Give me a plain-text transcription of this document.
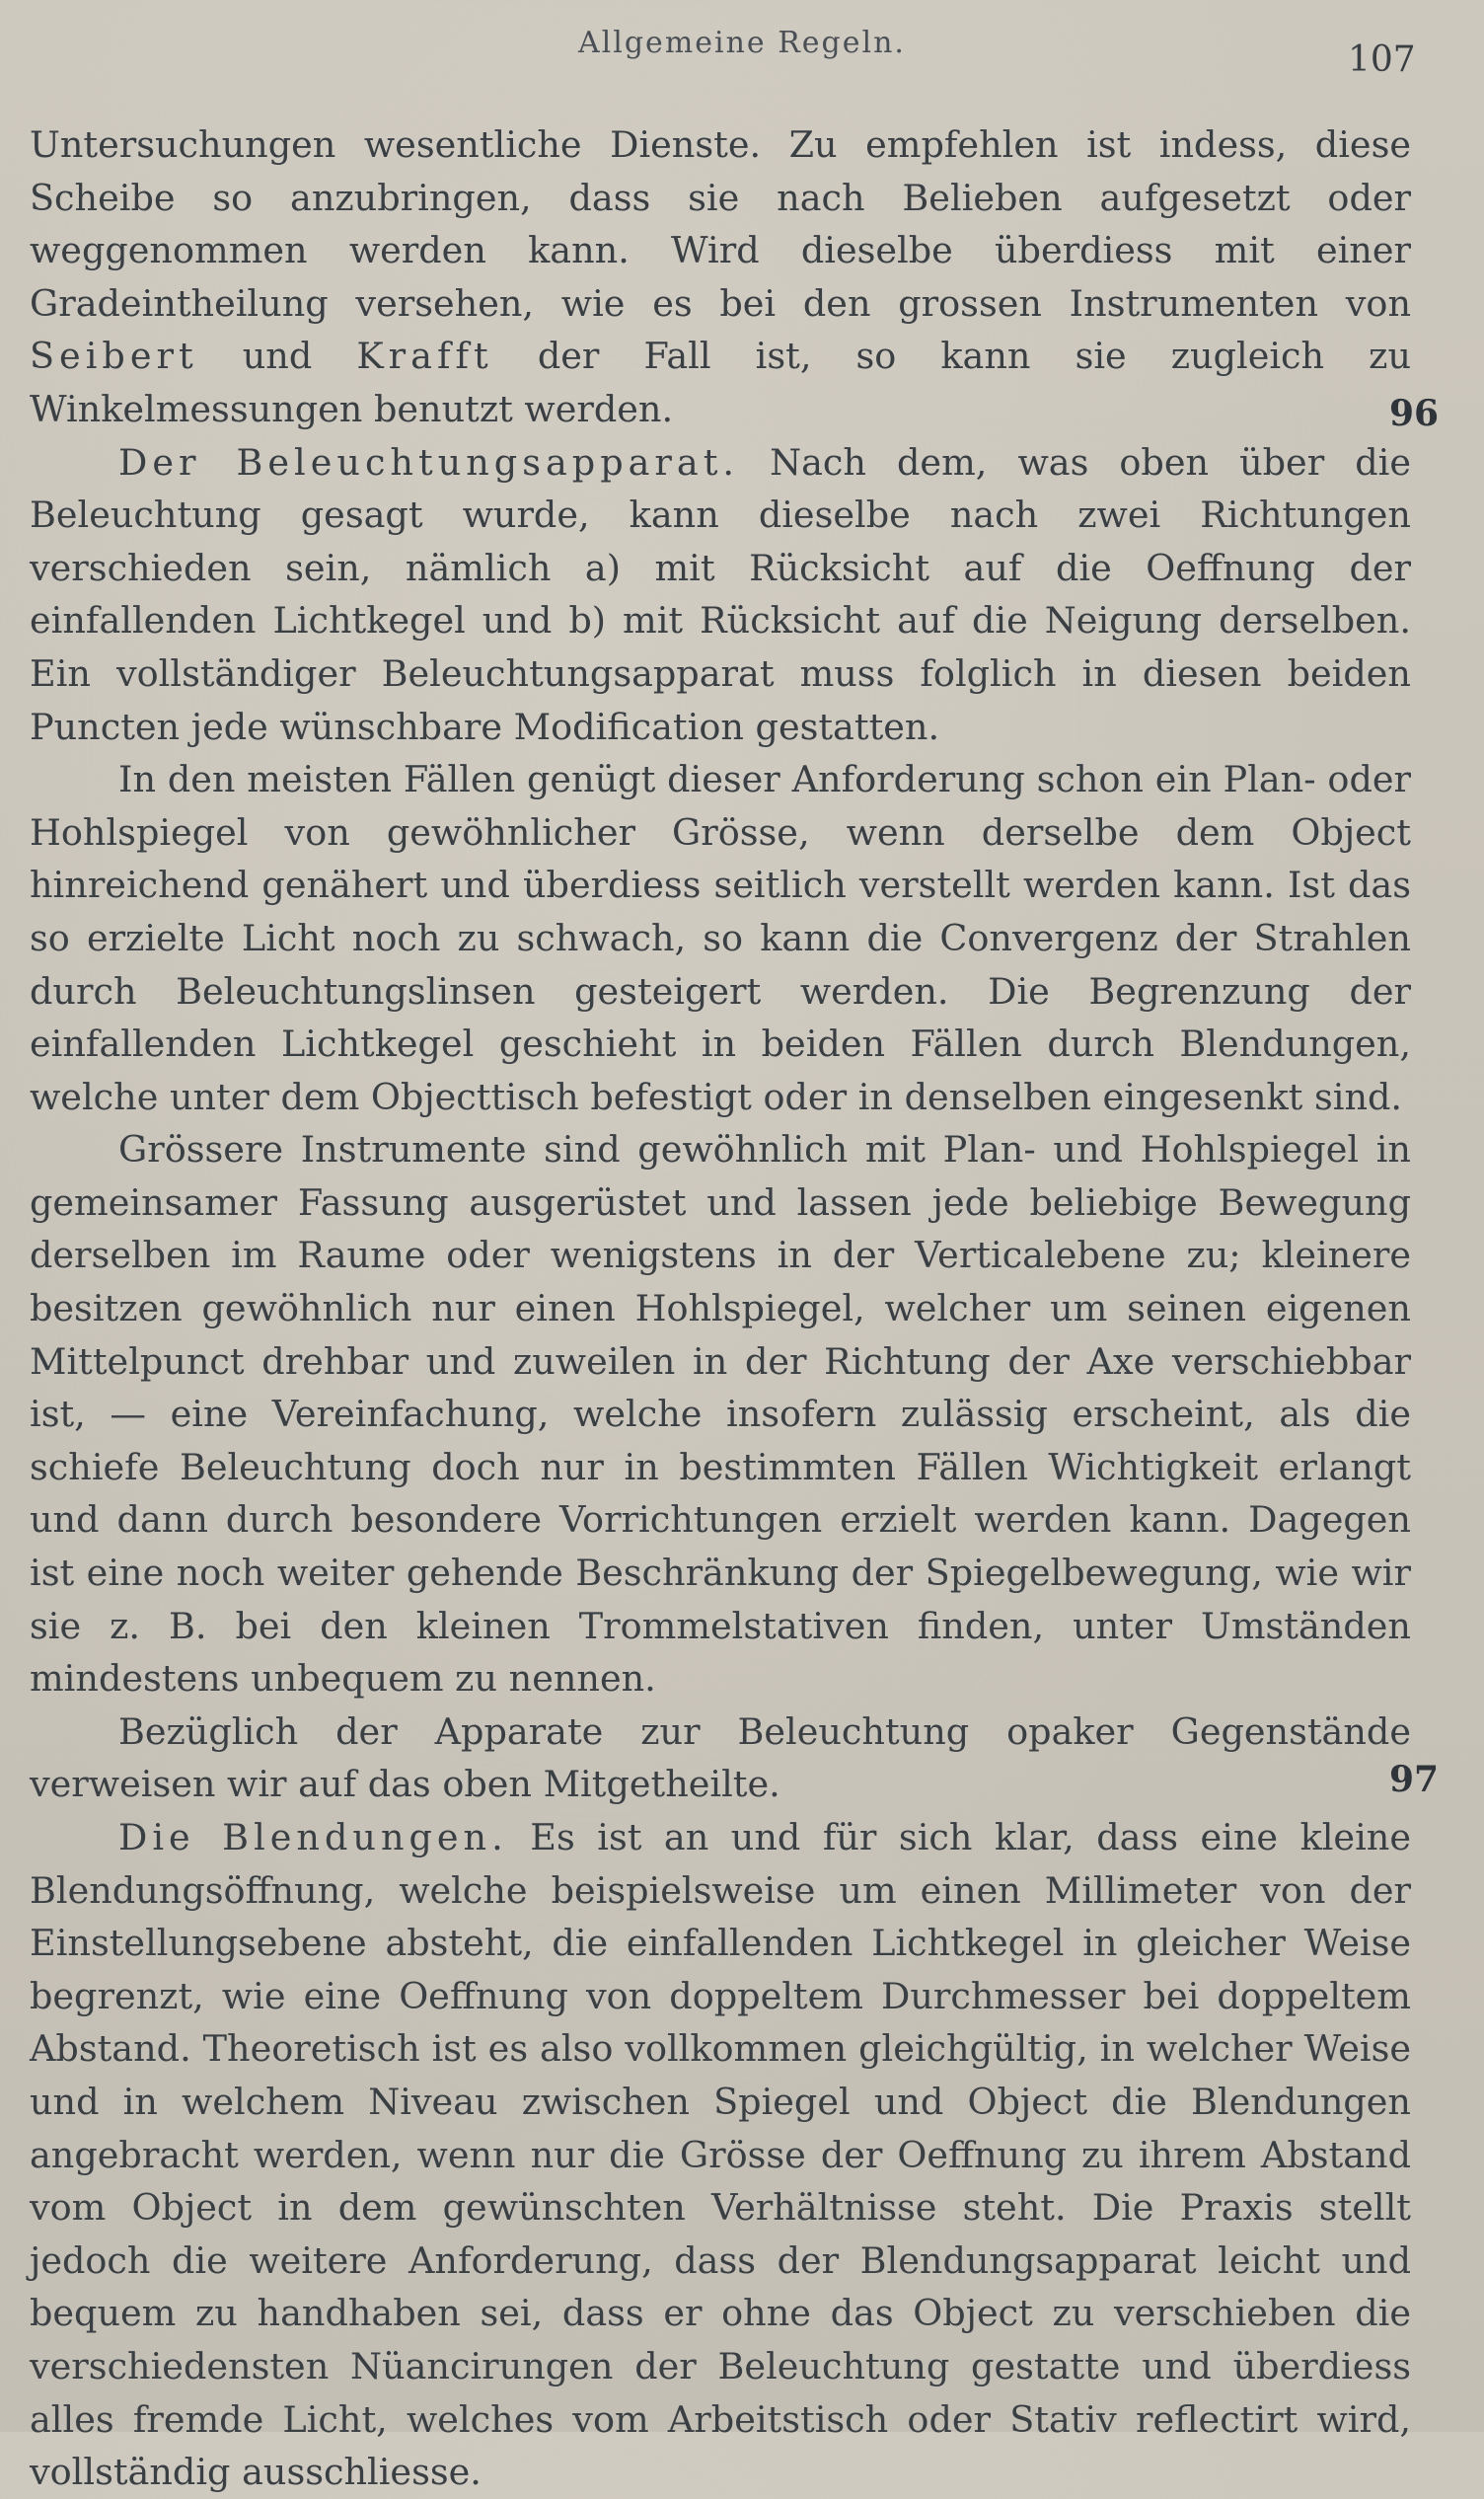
Allgemeine Regeln.	107
96
97

Untersuchungen wesentliche Dienste. Zu empfehlen ist indess, diese Scheibe so anzubringen, dass sie nach Belieben aufgesetzt oder weggenommen werden kann. Wird dieselbe überdiess mit einer Gradeintheilung versehen, wie es bei den grossen Instrumenten von Seibert und Krafft der Fall ist, so kann sie zugleich zu Winkelmessungen benutzt werden.

Der Beleuchtungsapparat. Nach dem, was oben über die Beleuchtung gesagt wurde, kann dieselbe nach zwei Richtungen verschieden sein, nämlich a) mit Rücksicht auf die Oeffnung der einfallenden Lichtkegel und b) mit Rücksicht auf die Neigung derselben. Ein vollständiger Beleuchtungsapparat muss folglich in diesen beiden Puncten jede wünschbare Modification gestatten.

In den meisten Fällen genügt dieser Anforderung schon ein Plan- oder Hohlspiegel von gewöhnlicher Grösse, wenn derselbe dem Object hinreichend genähert und überdiess seitlich verstellt werden kann. Ist das so erzielte Licht noch zu schwach, so kann die Convergenz der Strahlen durch Beleuchtungslinsen gesteigert werden. Die Begrenzung der einfallenden Lichtkegel geschieht in beiden Fällen durch Blendungen, welche unter dem Objecttisch befestigt oder in denselben eingesenkt sind.

Grössere Instrumente sind gewöhnlich mit Plan- und Hohlspiegel in gemeinsamer Fassung ausgerüstet und lassen jede beliebige Bewegung derselben im Raume oder wenigstens in der Verticalebene zu; kleinere besitzen gewöhnlich nur einen Hohlspiegel, welcher um seinen eigenen Mittelpunct drehbar und zuweilen in der Richtung der Axe verschiebbar ist, — eine Vereinfachung, welche insofern zulässig erscheint, als die schiefe Beleuchtung doch nur in bestimmten Fällen Wichtigkeit erlangt und dann durch besondere Vorrichtungen erzielt werden kann. Dagegen ist eine noch weiter gehende Beschränkung der Spiegelbewegung, wie wir sie z. B. bei den kleinen Trommelstativen finden, unter Umständen mindestens unbequem zu nennen.

Bezüglich der Apparate zur Beleuchtung opaker Gegenstände verweisen wir auf das oben Mitgetheilte.

Die Blendungen. Es ist an und für sich klar, dass eine kleine Blendungsöffnung, welche beispielsweise um einen Millimeter von der Einstellungsebene absteht, die einfallenden Lichtkegel in gleicher Weise begrenzt, wie eine Oeffnung von doppeltem Durchmesser bei doppeltem Abstand. Theoretisch ist es also vollkommen gleichgültig, in welcher Weise und in welchem Niveau zwischen Spiegel und Object die Blendungen angebracht werden, wenn nur die Grösse der Oeffnung zu ihrem Abstand vom Object in dem gewünschten Verhältnisse steht. Die Praxis stellt jedoch die weitere Anforderung, dass der Blendungsapparat leicht und bequem zu handhaben sei, dass er ohne das Object zu verschieben die verschiedensten Nüancirungen der Beleuchtung gestatte und überdiess alles fremde Licht, welches vom Arbeitstisch oder Stativ reflectirt wird, vollständig ausschliesse.
